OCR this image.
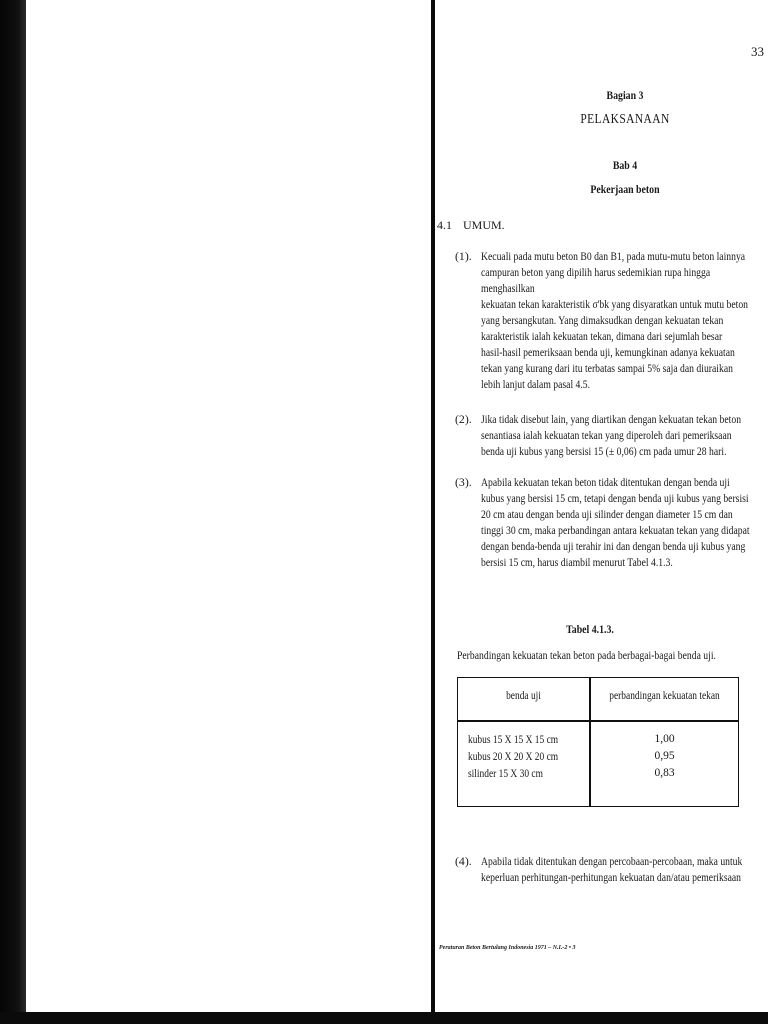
33
Bagian 3
PELAKSANAAN
Bab 4
Pekerjaan beton
4.1 UMUM.
(1). Kecuali pada mutu beton B0 dan B1, pada mutu-mutu beton lainnya
campuran beton yang dipilih harus sedemikian rupa hingga menghasilkan
kekuatan tekan karakteristik σ'bk yang disyaratkan untuk mutu beton
yang bersangkutan. Yang dimaksudkan dengan kekuatan tekan
karakteristik ialah kekuatan tekan, dimana dari sejumlah besar
hasil-hasil pemeriksaan benda uji, kemungkinan adanya kekuatan
tekan yang kurang dari itu terbatas sampai 5% saja dan diuraikan
lebih lanjut dalam pasal 4.5.
(2). Jika tidak disebut lain, yang diartikan dengan kekuatan tekan beton
senantiasa ialah kekuatan tekan yang diperoleh dari pemeriksaan
benda uji kubus yang bersisi 15 (± 0,06) cm pada umur 28 hari.
(3). Apabila kekuatan tekan beton tidak ditentukan dengan benda uji
kubus yang bersisi 15 cm, tetapi dengan benda uji kubus yang bersisi
20 cm atau dengan benda uji silinder dengan diameter 15 cm dan
tinggi 30 cm, maka perbandingan antara kekuatan tekan yang didapat
dengan benda-benda uji terahir ini dan dengan benda uji kubus yang
bersisi 15 cm, harus diambil menurut Tabel 4.1.3.
Tabel 4.1.3.
Perbandingan kekuatan tekan beton pada berbagai-bagai benda uji.
benda uji	perbandingan kekuatan tekan
kubus 15 X 15 X 15 cm
kubus 20 X 20 X 20 cm
silinder 15 X 30 cm
1,00
0,95
0,83
(4). Apabila tidak ditentukan dengan percobaan-percobaan, maka untuk
keperluan perhitungan-perhitungan kekuatan dan/atau pemeriksaan
Peraturan Beton Bertulang Indonesia 1971 – N.I.-2 • 3
